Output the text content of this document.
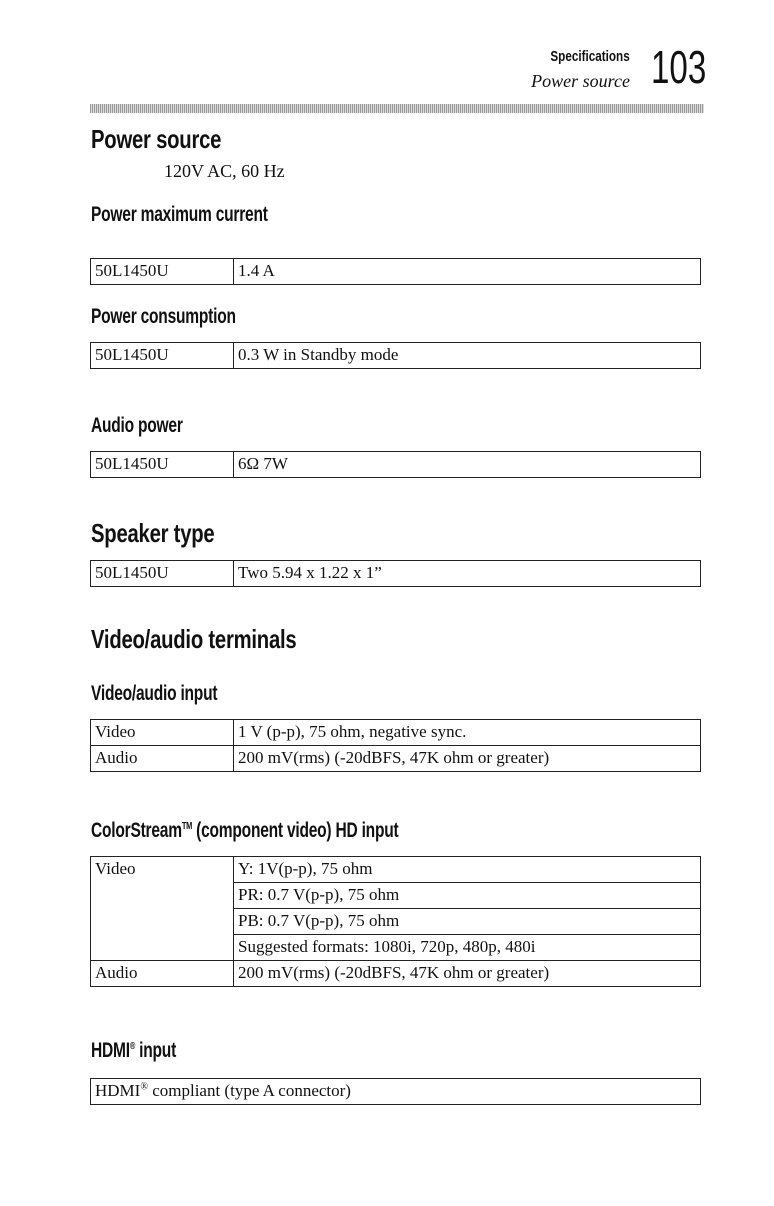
Specifications
Power source 103
Power source
120V AC, 60 Hz
Power maximum current
50L1450U	1.4 A
Power consumption
50L1450U	0.3 W in Standby mode
Audio power
50L1450U	6Ω 7W
Speaker type
50L1450U	Two 5.94 x 1.22 x 1”
Video/audio terminals
Video/audio input
Video	1 V (p-p), 75 ohm, negative sync.
Audio	200 mV(rms) (-20dBFS, 47K ohm or greater)
ColorStream™ (component video) HD input
Video	Y: 1V(p-p), 75 ohm
	PR: 0.7 V(p-p), 75 ohm
	PB: 0.7 V(p-p), 75 ohm
	Suggested formats: 1080i, 720p, 480p, 480i
Audio	200 mV(rms) (-20dBFS, 47K ohm or greater)
HDMI® input
HDMI® compliant (type A connector)
